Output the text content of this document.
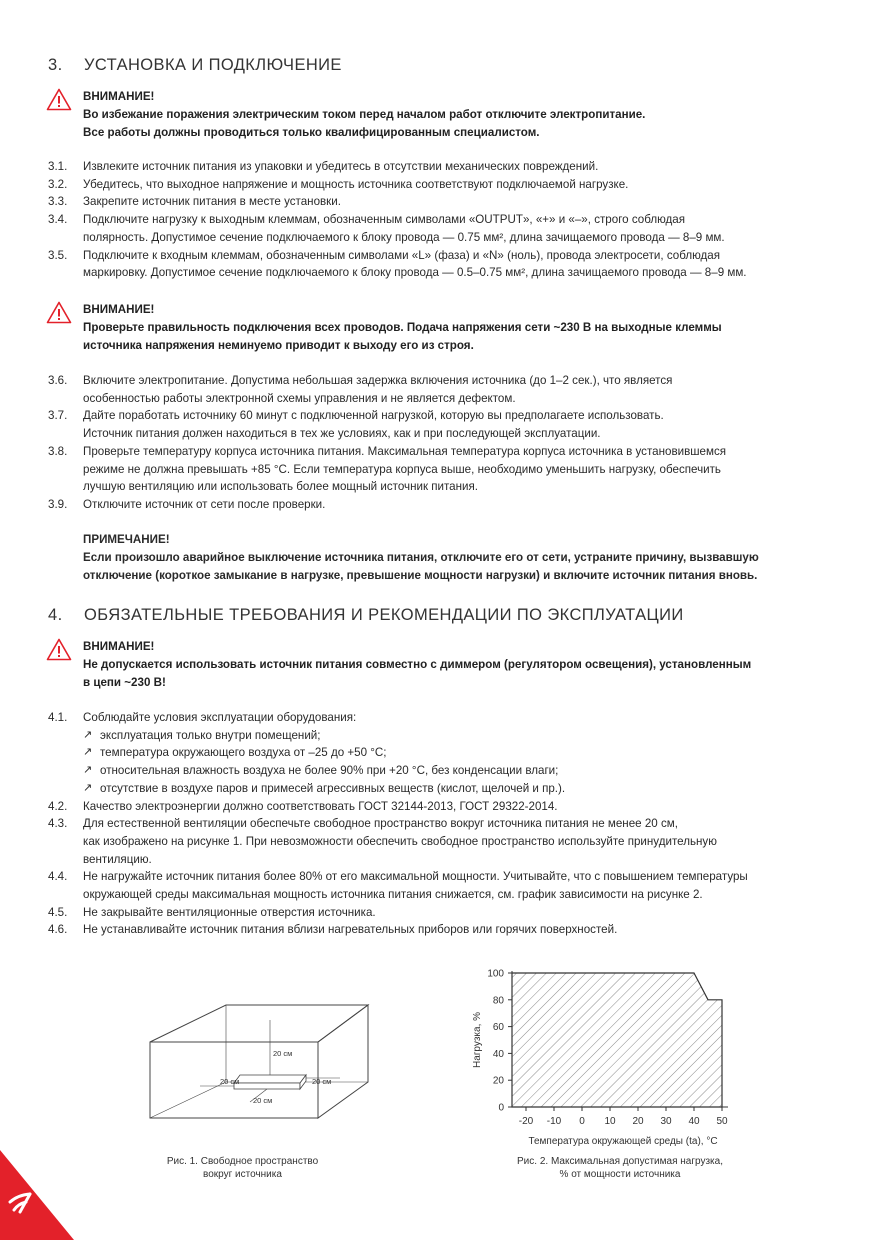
3. УСТАНОВКА И ПОДКЛЮЧЕНИЕ
ВНИМАНИЕ!
Во избежание поражения электрическим током перед началом работ отключите электропитание.
Все работы должны проводиться только квалифицированным специалистом.
3.1. Извлеките источник питания из упаковки и убедитесь в отсутствии механических повреждений.
3.2. Убедитесь, что выходное напряжение и мощность источника соответствуют подключаемой нагрузке.
3.3. Закрепите источник питания в месте установки.
3.4. Подключите нагрузку к выходным клеммам, обозначенным символами «OUTPUT», «+» и «–», строго соблюдая
полярность. Допустимое сечение подключаемого к блоку провода — 0.75 мм², длина зачищаемого провода — 8–9 мм.
3.5. Подключите к входным клеммам, обозначенным символами «L» (фаза) и «N» (ноль), провода электросети, соблюдая
маркировку. Допустимое сечение подключаемого к блоку провода — 0.5–0.75 мм², длина зачищаемого провода — 8–9 мм.
ВНИМАНИЕ!
Проверьте правильность подключения всех проводов. Подача напряжения сети ~230 В на выходные клеммы
источника напряжения неминуемо приводит к выходу его из строя.
3.6. Включите электропитание. Допустима небольшая задержка включения источника (до 1–2 сек.), что является
особенностью работы электронной схемы управления и не является дефектом.
3.7. Дайте поработать источнику 60 минут с подключенной нагрузкой, которую вы предполагаете использовать.
Источник питания должен находиться в тех же условиях, как и при последующей эксплуатации.
3.8. Проверьте температуру корпуса источника питания. Максимальная температура корпуса источника в установившемся
режиме не должна превышать +85 °С. Если температура корпуса выше, необходимо уменьшить нагрузку, обеспечить
лучшую вентиляцию или использовать более мощный источник питания.
3.9. Отключите источник от сети после проверки.
ПРИМЕЧАНИЕ!
Если произошло аварийное выключение источника питания, отключите его от сети, устраните причину, вызвавшую
отключение (короткое замыкание в нагрузке, превышение мощности нагрузки) и включите источник питания вновь.
4. ОБЯЗАТЕЛЬНЫЕ ТРЕБОВАНИЯ И РЕКОМЕНДАЦИИ ПО ЭКСПЛУАТАЦИИ
ВНИМАНИЕ!
Не допускается использовать источник питания совместно с диммером (регулятором освещения), установленным
в цепи ~230 В!
4.1. Соблюдайте условия эксплуатации оборудования:
↗ эксплуатация только внутри помещений;
↗ температура окружающего воздуха от –25 до +50 °С;
↗ относительная влажность воздуха не более 90% при +20 °С, без конденсации влаги;
↗ отсутствие в воздухе паров и примесей агрессивных веществ (кислот, щелочей и пр.).
4.2. Качество электроэнергии должно соответствовать ГОСТ 32144-2013, ГОСТ 29322-2014.
4.3. Для естественной вентиляции обеспечьте свободное пространство вокруг источника питания не менее 20 см,
как изображено на рисунке 1. При невозможности обеспечить свободное пространство используйте принудительную
вентиляцию.
4.4. Не нагружайте источник питания более 80% от его максимальной мощности. Учитывайте, что с повышением температуры
окружающей среды максимальная мощность источника питания снижается, см. график зависимости на рисунке 2.
4.5. Не закрывайте вентиляционные отверстия источника.
4.6. Не устанавливайте источник питания вблизи нагревательных приборов или горячих поверхностей.
20 см
20 см	20 см
20 см
Рис. 1. Свободное пространство
вокруг источника
0
20
40
60
80
100
-20 -10 0 10 20 30 40 50
Нагрузка, %
Температура окружающей среды (ta), °С
Рис. 2. Максимальная допустимая нагрузка,
% от мощности источника
